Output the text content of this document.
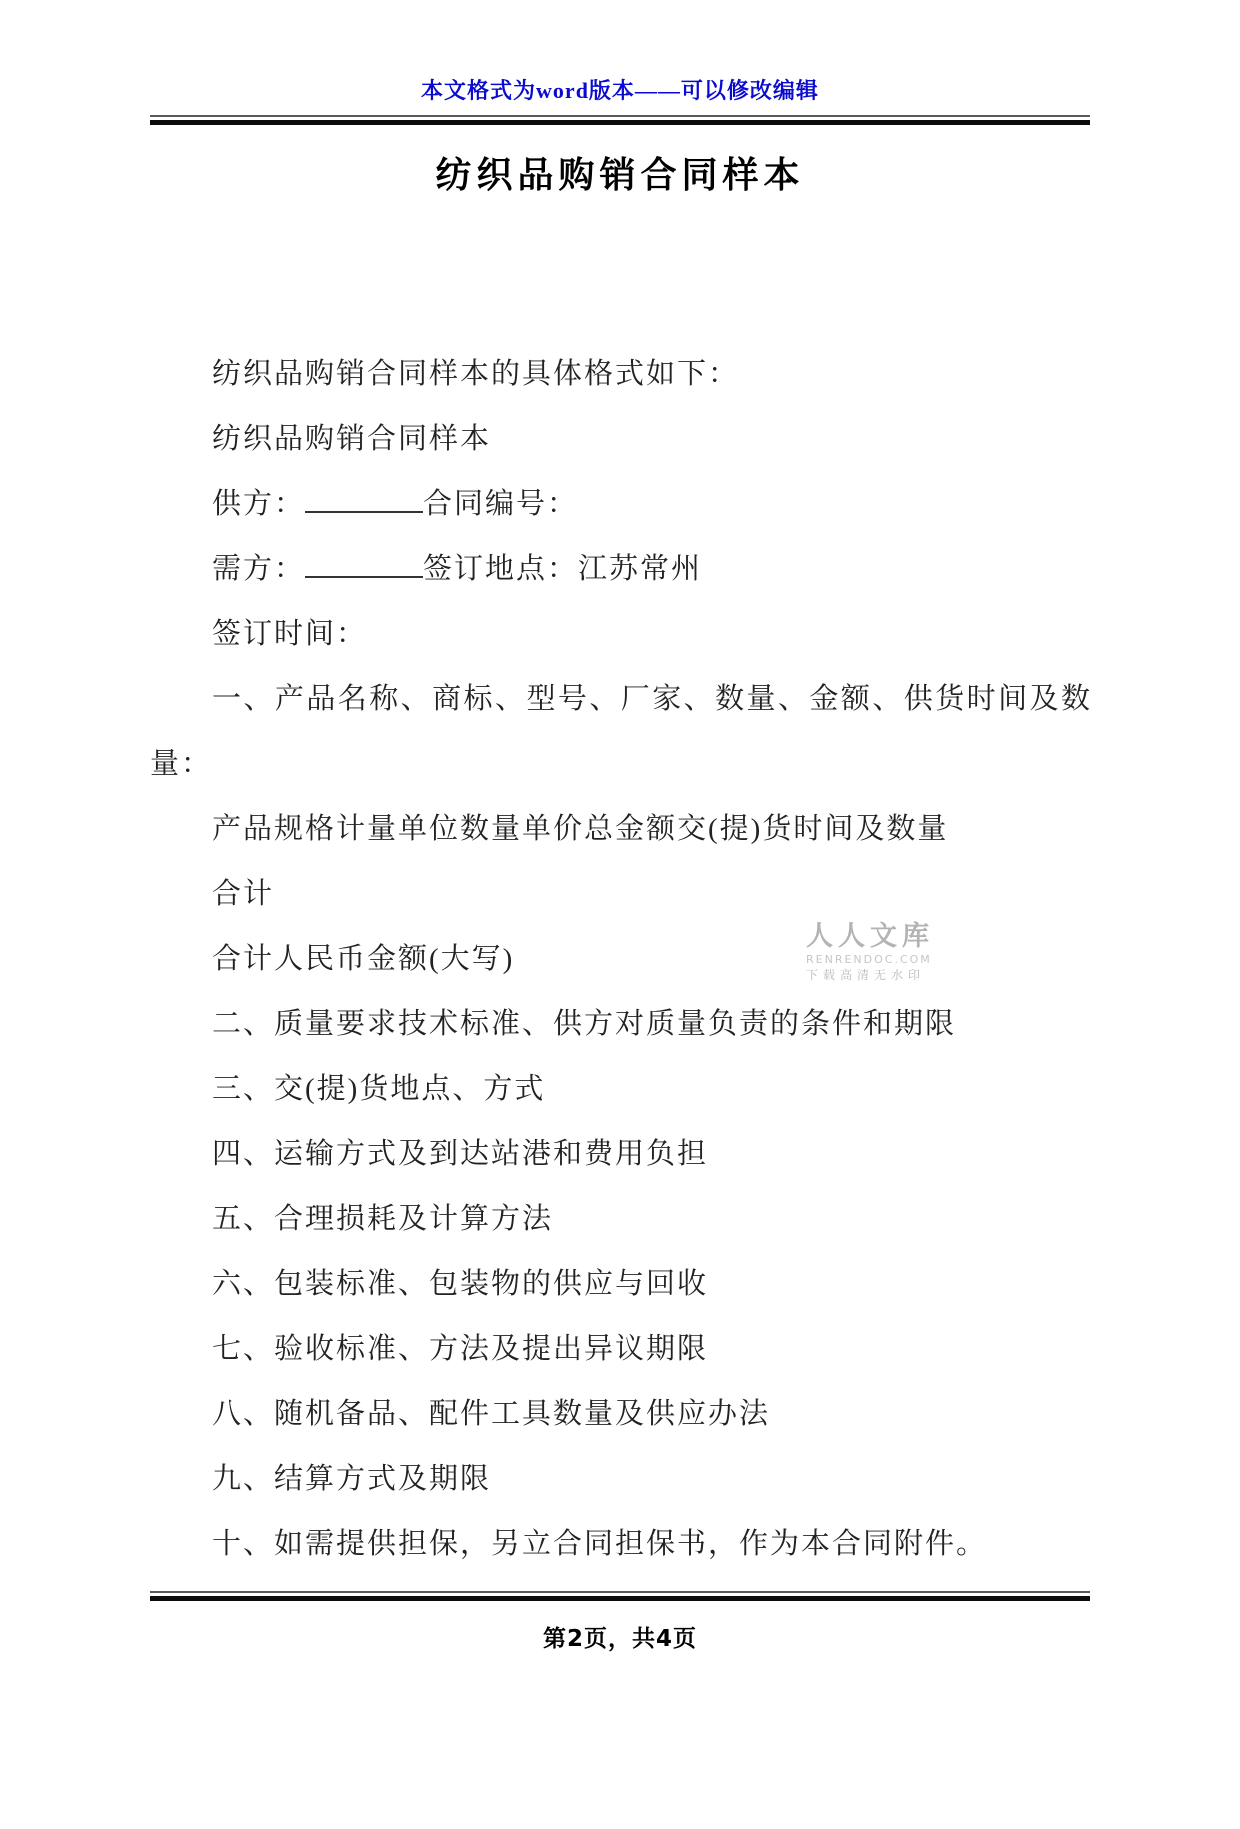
本文格式为word版本——可以修改编辑
纺织品购销合同样本

纺织品购销合同样本的具体格式如下：

纺织品购销合同样本

供方：	合同编号：

需方：	签订地点：江苏常州

签订时间：

一、产品名称、商标、型号、厂家、数量、金额、供货时间及数量：

产品规格计量单位数量单价总金额交(提)货时间及数量

合计

合计人民币金额(大写)

二、质量要求技术标准、供方对质量负责的条件和期限

三、交(提)货地点、方式

四、运输方式及到达站港和费用负担

五、合理损耗及计算方法

六、包装标准、包装物的供应与回收

七、验收标准、方法及提出异议期限

八、随机备品、配件工具数量及供应办法

九、结算方式及期限

十、如需提供担保，另立合同担保书，作为本合同附件。

第2页，共4页
人人文库
RENRENDOC.COM
下载高清无水印
